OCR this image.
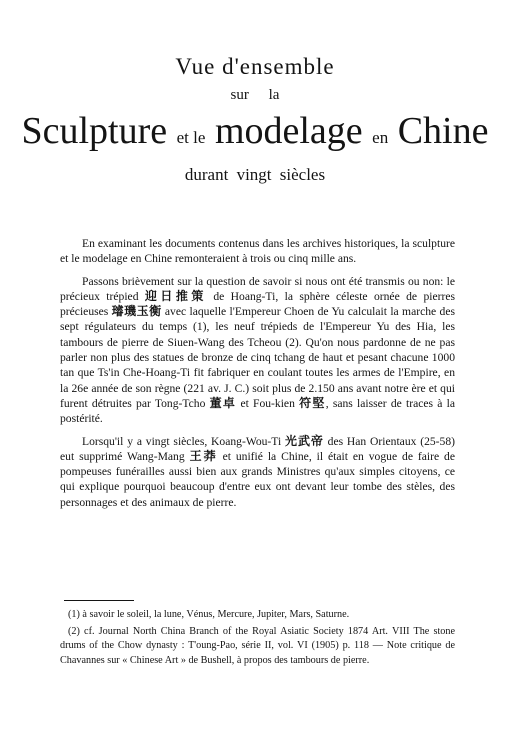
Vue d'ensemble
sur la
Sculpture et le modelage en Chine
durant vingt siècles

En examinant les documents contenus dans les archives historiques, la sculpture et le modelage en Chine remonteraient à trois ou cinq mille ans.

Passons brièvement sur la question de savoir si nous ont été transmis ou non: le précieux trépied 迎日推策 de Hoang-Ti, la sphère céleste ornée de pierres précieuses 璿璣玉衡 avec laquelle l'Empereur Choen de Yu calculait la marche des sept régulateurs du temps (1), les neuf trépieds de l'Empereur Yu des Hia, les tambours de pierre de Siuen-Wang des Tcheou (2). Qu'on nous pardonne de ne pas parler non plus des statues de bronze de cinq tchang de haut et pesant chacune 1000 tan que Ts'in Che-Hoang-Ti fit fabriquer en coulant toutes les armes de l'Empire, en la 26e année de son règne (221 av. J. C.) soit plus de 2.150 ans avant notre ère et qui furent détruites par Tong-Tcho 董卓 et Fou-kien 符堅, sans laisser de traces à la postérité.

Lorsqu'il y a vingt siècles, Koang-Wou-Ti 光武帝 des Han Orientaux (25-58) eut supprimé Wang-Mang 王莽 et unifié la Chine, il était en vogue de faire de pompeuses funérailles aussi bien aux grands Ministres qu'aux simples citoyens, ce qui explique pourquoi beaucoup d'entre eux ont devant leur tombe des stèles, des personnages et des animaux de pierre.

(1) à savoir le soleil, la lune, Vénus, Mercure, Jupiter, Mars, Saturne.

(2) cf. Journal North China Branch of the Royal Asiatic Society 1874 Art. VIII The stone drums of the Chow dynasty : T'oung-Pao, série II, vol. VI (1905) p. 118 — Note critique de Chavannes sur « Chinese Art » de Bushell, à propos des tambours de pierre.
